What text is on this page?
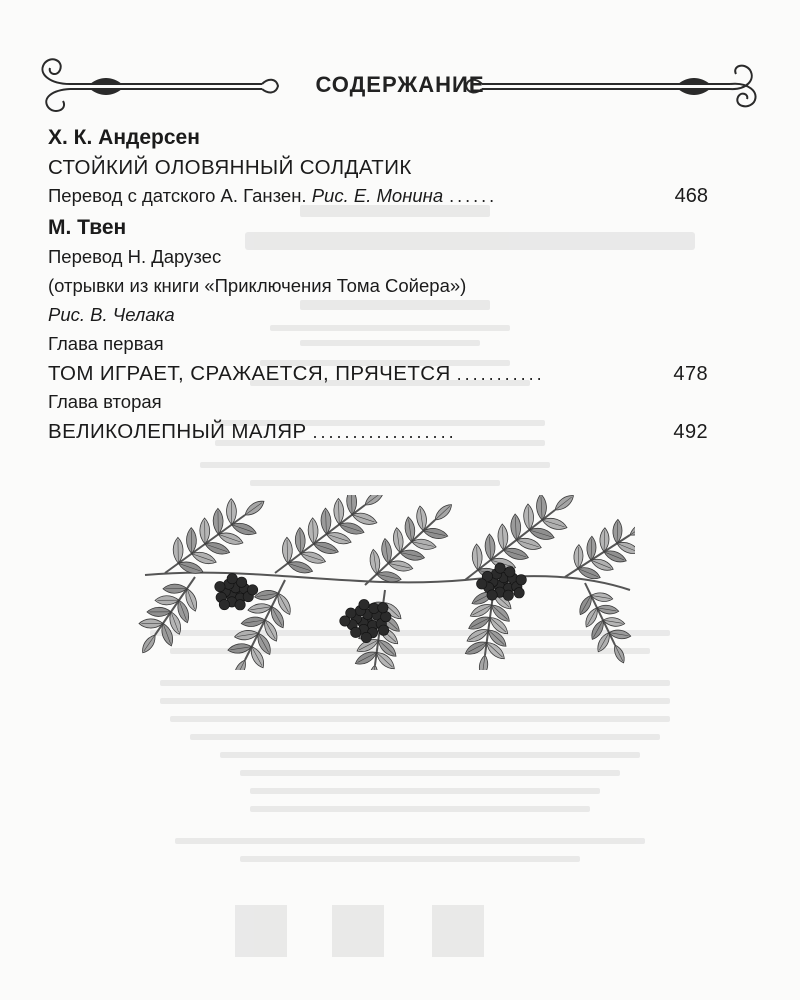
СОДЕРЖАНИЕ
Х. К. Андерсен
СТОЙКИЙ ОЛОВЯННЫЙ СОЛДАТИК
Перевод с датского А. Ганзен. Рис. Е. Монина ......	468
М. Твен
Перевод Н. Дарузес
(отрывки из книги «Приключения Тома Сойера»)
Рис. В. Челака
Глава первая
ТОМ ИГРАЕТ, СРАЖАЕТСЯ, ПРЯЧЕТСЯ ...........	478
Глава вторая
ВЕЛИКОЛЕПНЫЙ МАЛЯР ..................	492
